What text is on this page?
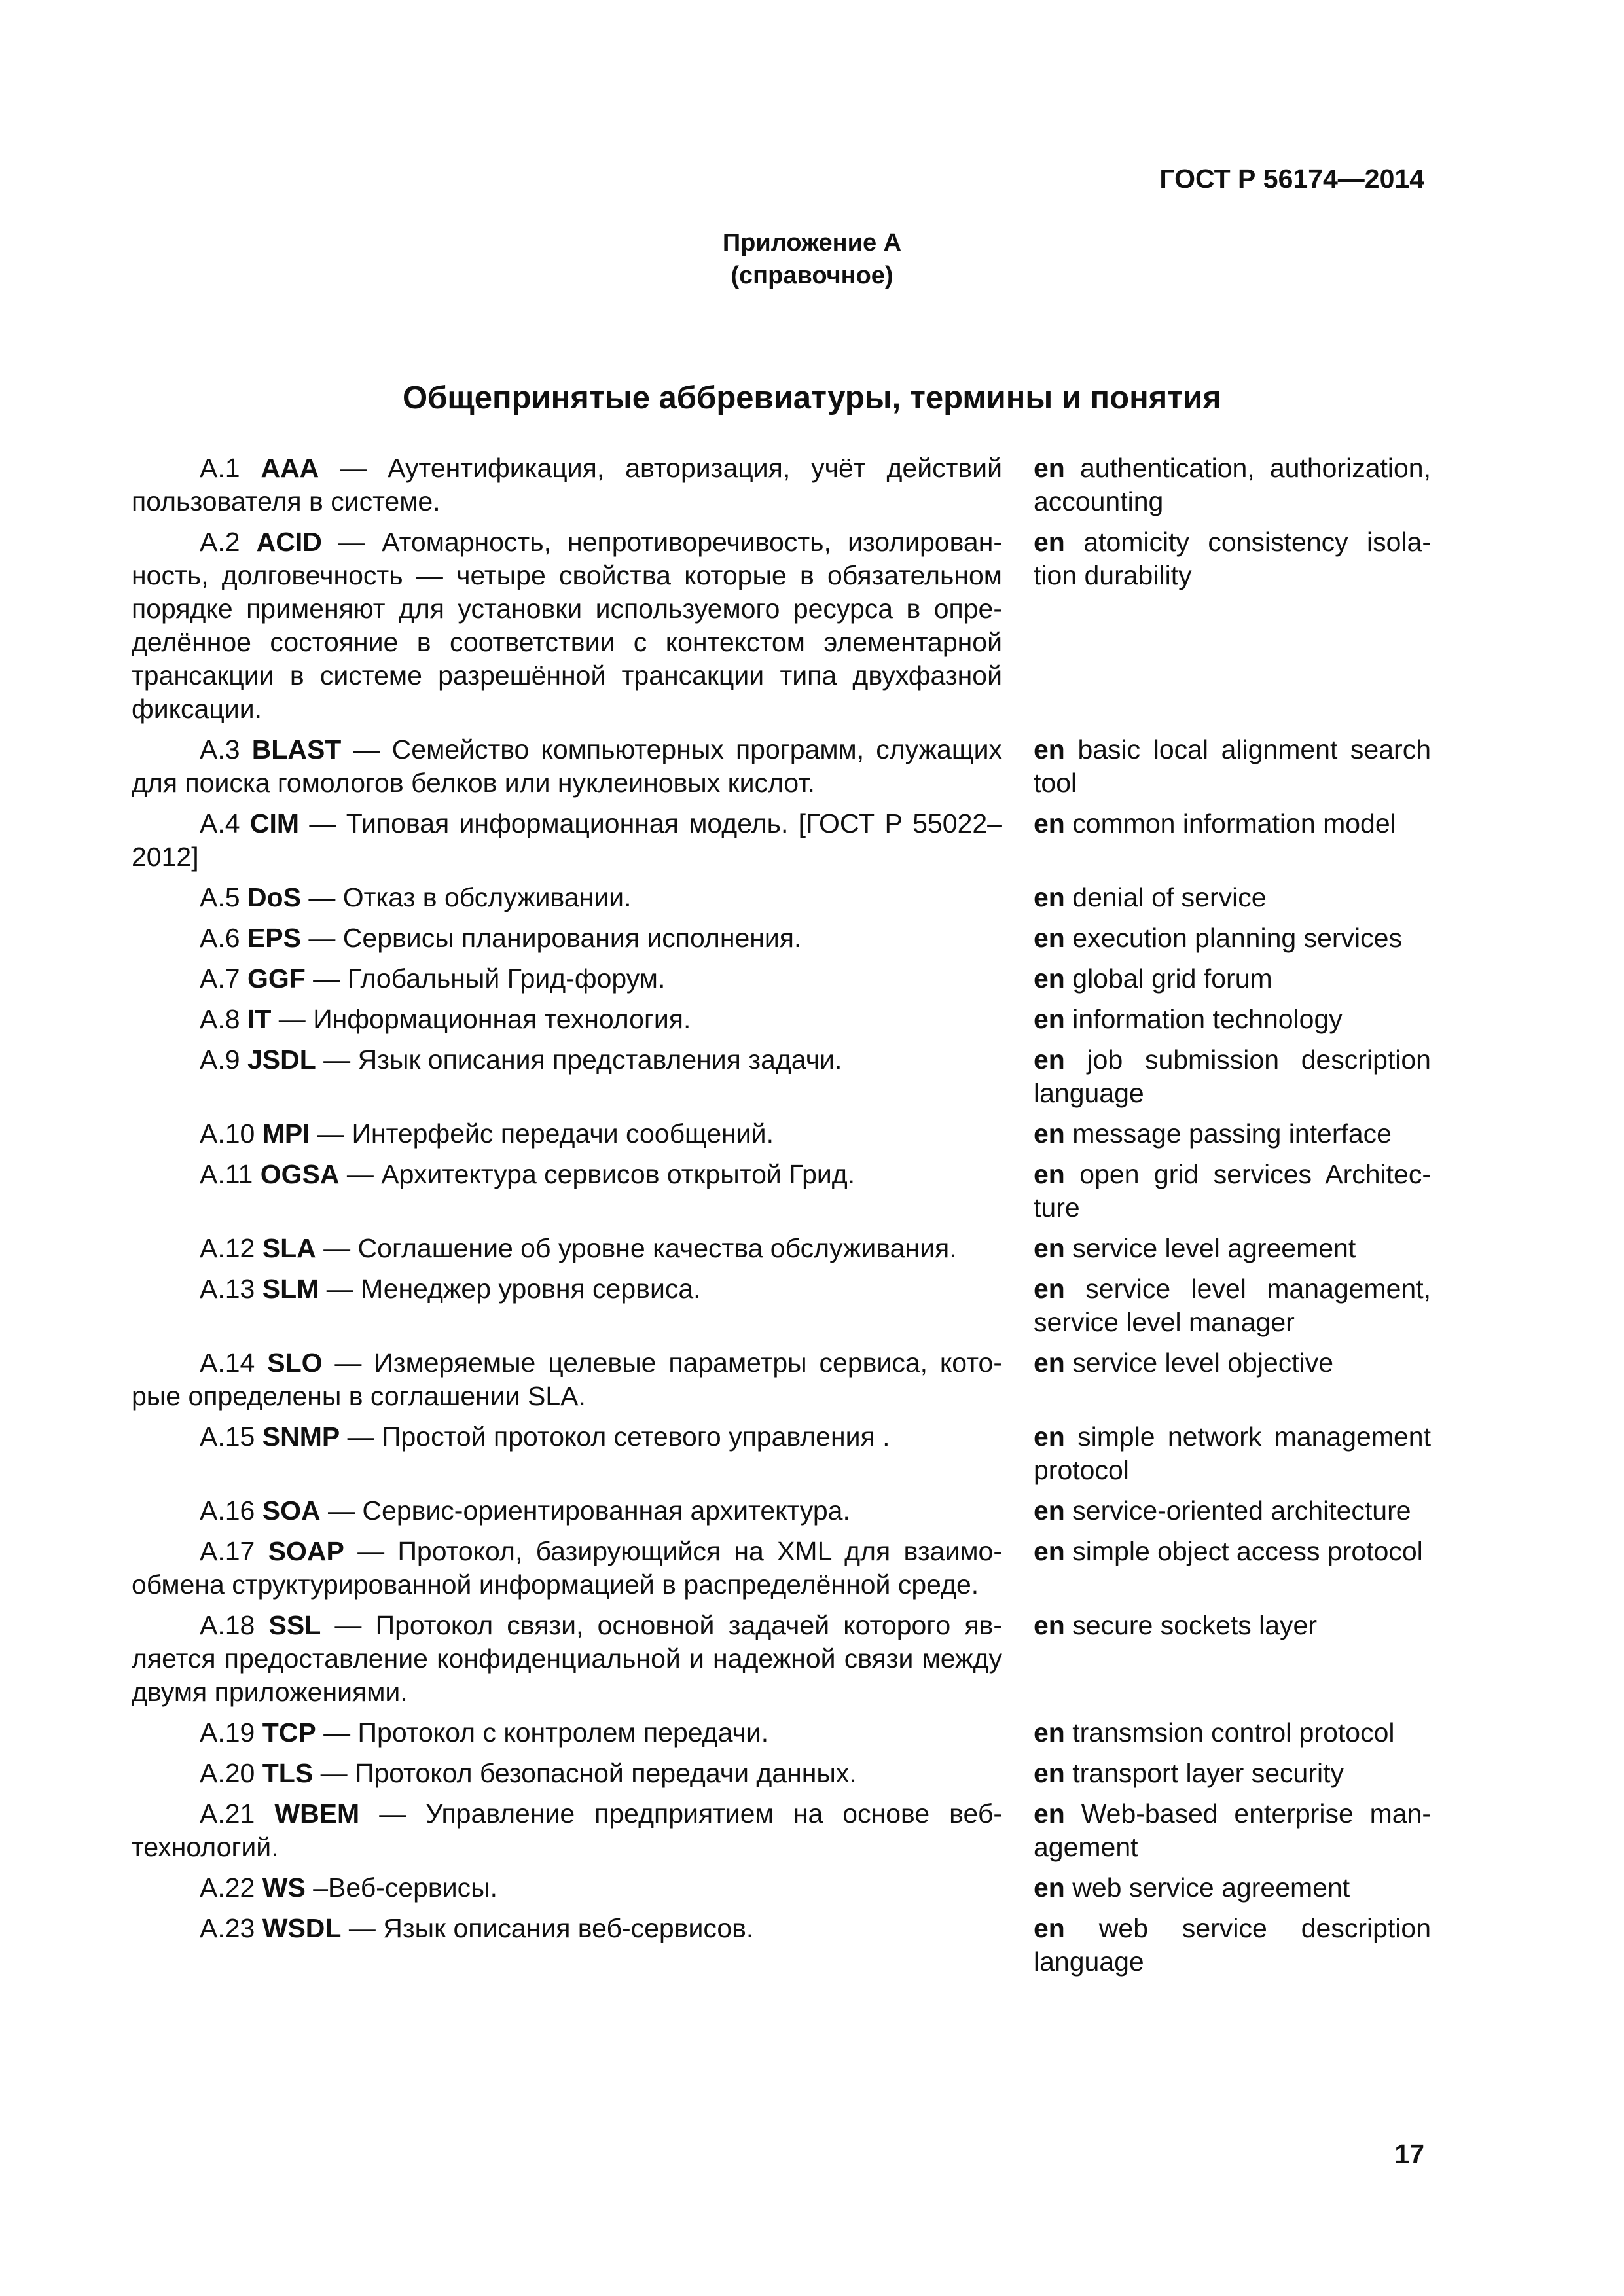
ГОСТ Р 56174—2014
Приложение А
(справочное)
Общепринятые аббревиатуры, термины и понятия
А.1 AAA — Аутентификация, авторизация, учёт действий пользователя в системе.
en authentication, authorization, accounting
А.2 ACID — Атомарность, непротиворечивость, изолированность, долговечность — четыре свойства которые в обязательном порядке применяют для установки используемого ресурса в определённое состояние в соответствии с контекстом элементарной трансакции в системе разрешённой трансакции типа двухфазной фиксации.
en atomicity consistency isolation durability
А.3 BLAST — Семейство компьютерных программ, служащих для поиска гомологов белков или нуклеиновых кислот.
en basic local alignment search tool
А.4 CIM — Типовая информационная модель. [ГОСТ Р 55022–2012]
en common information model
А.5 DoS — Отказ в обслуживании.	en denial of service
А.6 EPS — Сервисы планирования исполнения.	en execution planning services
А.7 GGF — Глобальный Грид-форум.	en global grid forum
А.8 IT — Информационная технология.	en information technology
А.9 JSDL — Язык описания представления задачи.	en job submission description language
А.10 MPI — Интерфейс передачи сообщений.	en message passing interface
А.11 OGSA — Архитектура сервисов открытой Грид.	en open grid services Architecture
А.12 SLA — Соглашение об уровне качества обслуживания.	en service level agreement
А.13 SLM — Менеджер уровня сервиса.	en service level management, service level manager
А.14 SLO — Измеряемые целевые параметры сервиса, которые определены в соглашении SLA.
en service level objective
А.15 SNMP — Простой протокол сетевого управления .	en simple network management protocol
А.16 SOA — Сервис-ориентированная архитектура.	en service-oriented architecture
А.17 SOAP — Протокол, базирующийся на XML для взаимообмена структурированной информацией в распределённой среде.
en simple object access protocol
А.18 SSL — Протокол связи, основной задачей которого является предоставление конфиденциальной и надежной связи между двумя приложениями.
en secure sockets layer
А.19 TCP — Протокол с контролем передачи.	en transmsion control protocol
А.20 TLS — Протокол безопасной передачи данных.	en transport layer security
А.21 WBEM — Управление предприятием на основе веб-технологий.
en Web-based enterprise management
А.22 WS –Веб-сервисы.	en web service agreement
А.23 WSDL — Язык описания веб-сервисов.	en web service description language
17
